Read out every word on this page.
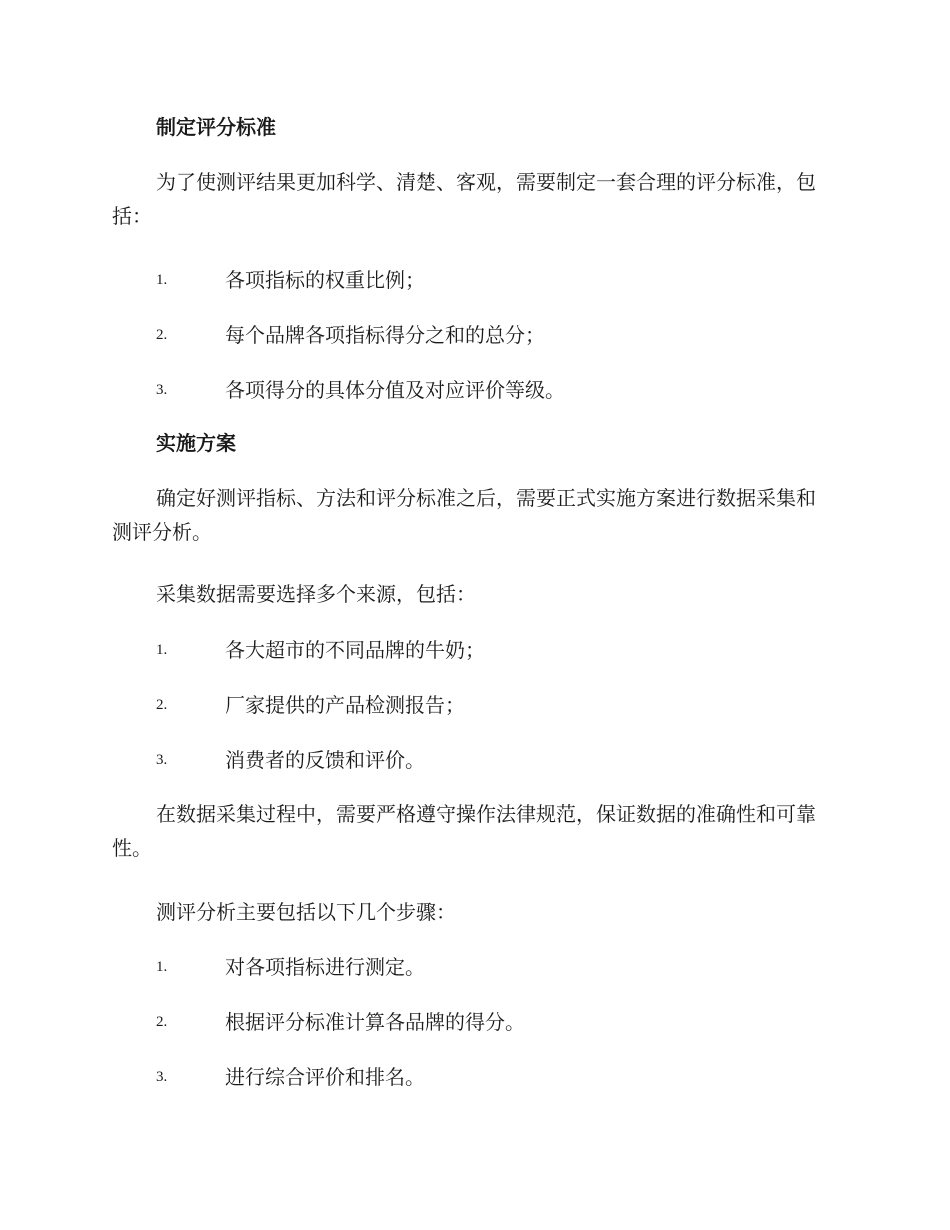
制定评分标准
为了使测评结果更加科学、清楚、客观，需要制定一套合理的评分标准，包括：
1.	各项指标的权重比例；
2.	每个品牌各项指标得分之和的总分；
3.	各项得分的具体分值及对应评价等级。
实施方案
确定好测评指标、方法和评分标准之后，需要正式实施方案进行数据采集和测评分析。
采集数据需要选择多个来源，包括：
1.	各大超市的不同品牌的牛奶；
2.	厂家提供的产品检测报告；
3.	消费者的反馈和评价。
在数据采集过程中，需要严格遵守操作法律规范，保证数据的准确性和可靠性。
测评分析主要包括以下几个步骤：
1.	对各项指标进行测定。
2.	根据评分标准计算各品牌的得分。
3.	进行综合评价和排名。
